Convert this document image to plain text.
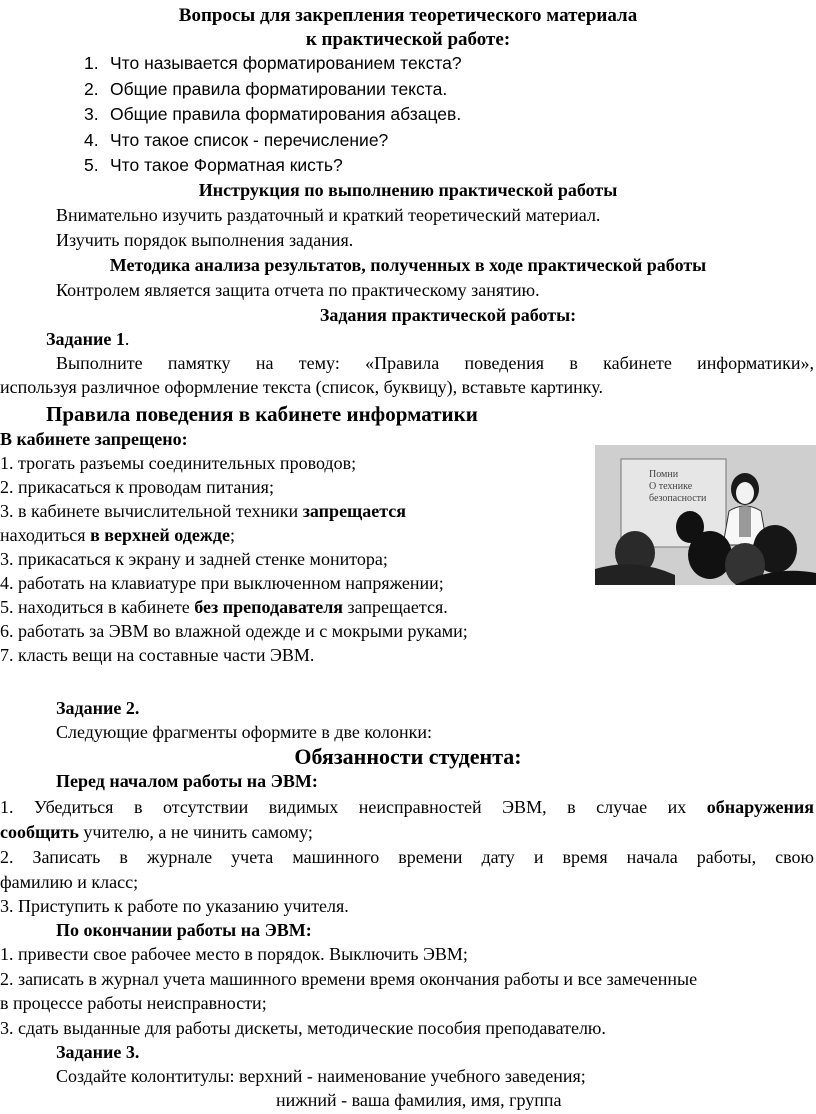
Вопросы для закрепления теоретического материала
к практической работе:
1. Что называется форматированием текста?
2. Общие правила форматировании текста.
3. Общие правила форматирования абзацев.
4. Что такое список - перечисление?
5. Что такое Форматная кисть?
Инструкция по выполнению практической работы
Внимательно изучить раздаточный и краткий теоретический материал.
Изучить порядок выполнения задания.
Методика анализа результатов, полученных в ходе практической работы
Контролем является защита отчета по практическому занятию.
Задания практической работы:
Задание 1.
Выполните памятку на тему: «Правила поведения в кабинете информатики»,
используя различное оформление текста (список, буквицу), вставьте картинку.
Правила поведения в кабинете информатики
В кабинете запрещено:
1. трогать разъемы соединительных проводов;
2. прикасаться к проводам питания;
3. в кабинете вычислительной техники запрещается
находиться в верхней одежде;
3. прикасаться к экрану и задней стенке монитора;
4. работать на клавиатуре при выключенном напряжении;
5. находиться в кабинете без преподавателя запрещается.
6. работать за ЭВМ во влажной одежде и с мокрыми руками;
7. класть вещи на составные части ЭВМ.
Помни
О технике
безопасности
Задание 2.
Следующие фрагменты оформите в две колонки:
Обязанности студента:
Перед началом работы на ЭВМ:
1. Убедиться в отсутствии видимых неисправностей ЭВМ, в случае их обнаружения
сообщить учителю, а не чинить самому;
2. Записать в журнале учета машинного времени дату и время начала работы, свою
фамилию и класс;
3. Приступить к работе по указанию учителя.
По окончании работы на ЭВМ:
1. привести свое рабочее место в порядок. Выключить ЭВМ;
2. записать в журнал учета машинного времени время окончания работы и все замеченные
в процессе работы неисправности;
3. сдать выданные для работы дискеты, методические пособия преподавателю.
Задание 3.
Создайте колонтитулы: верхний - наименование учебного заведения;
нижний - ваша фамилия, имя, группа
